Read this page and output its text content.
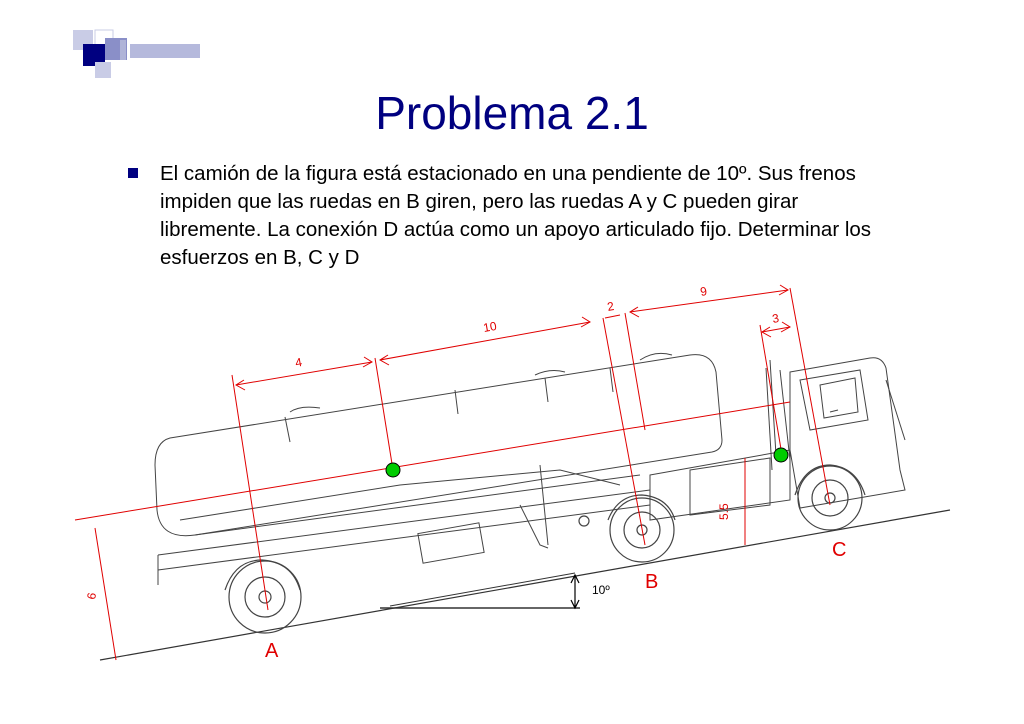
Problema 2.1
El camión de la figura está estacionado en una pendiente de 10º. Sus frenos impiden que las ruedas en B giren, pero las ruedas A y C pueden girar libremente. La conexión D actúa como un apoyo articulado fijo. Determinar los esfuerzos en B, C y D
10º
4
10
2
9
3
6
5.5
A
B
C
